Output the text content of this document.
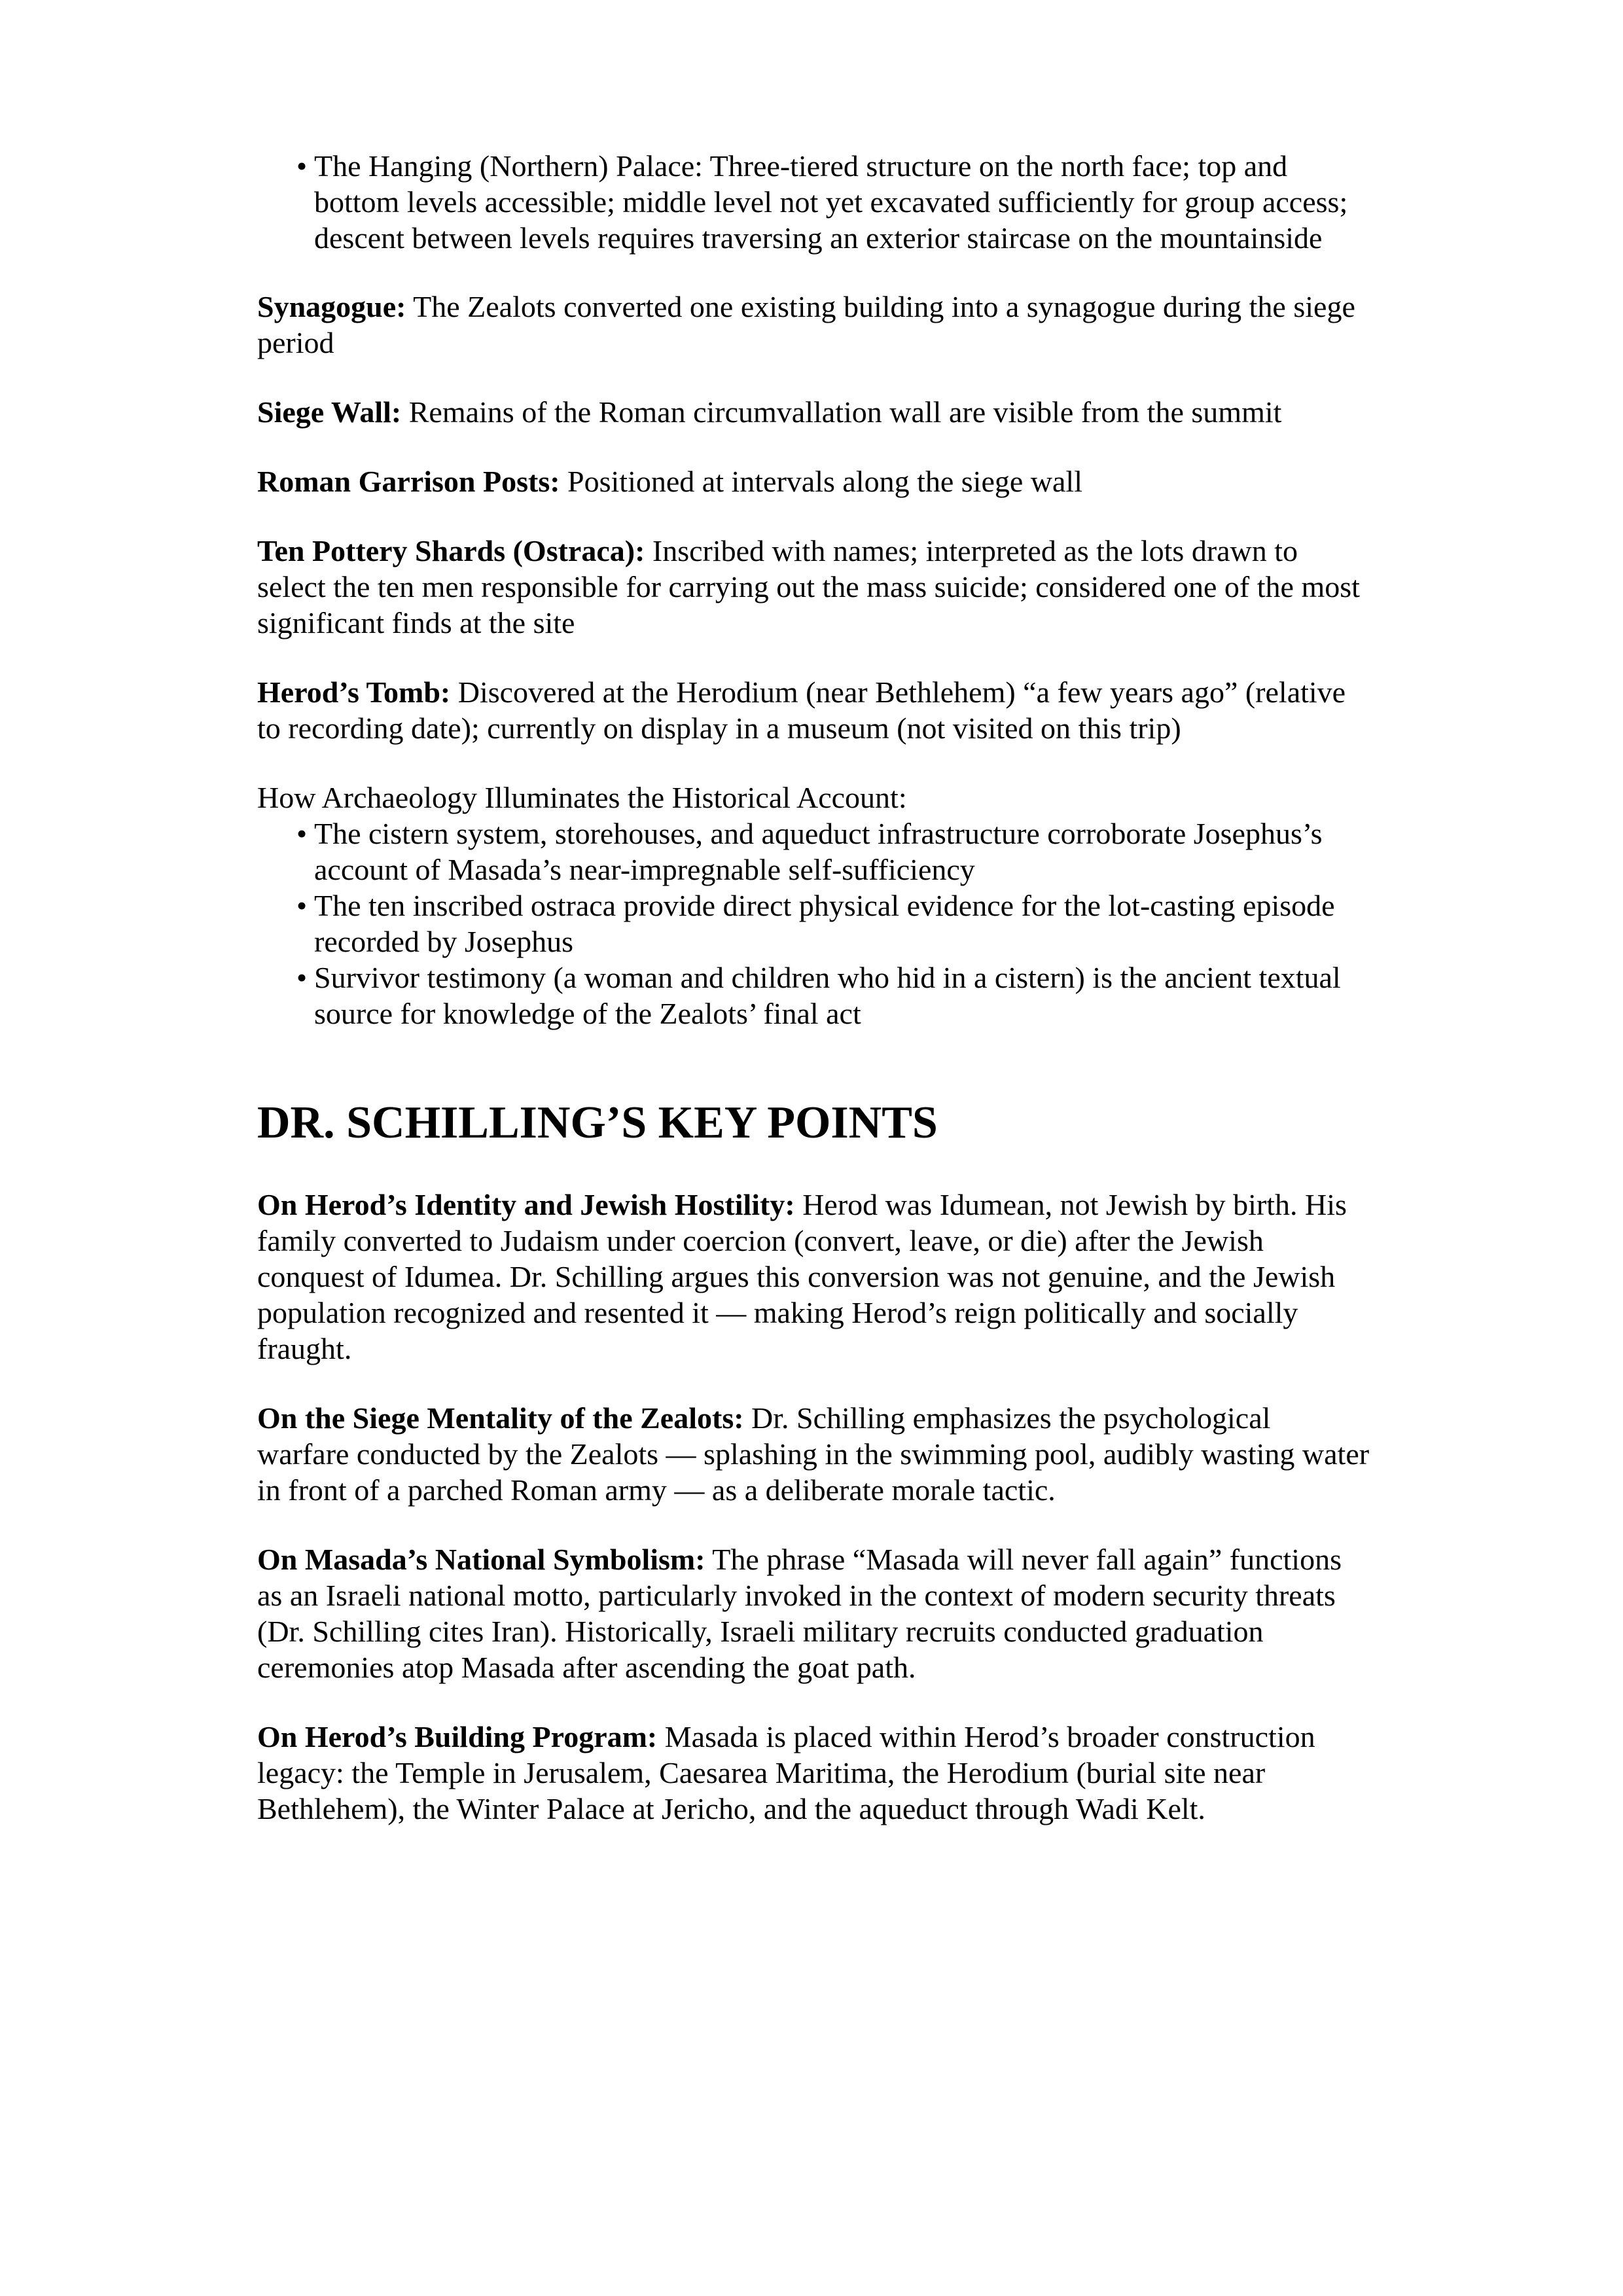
• The Hanging (Northern) Palace: Three-tiered structure on the north face; top and bottom levels accessible; middle level not yet excavated sufficiently for group access; descent between levels requires traversing an exterior staircase on the mountainside

Synagogue: The Zealots converted one existing building into a synagogue during the siege period

Siege Wall: Remains of the Roman circumvallation wall are visible from the summit

Roman Garrison Posts: Positioned at intervals along the siege wall

Ten Pottery Shards (Ostraca): Inscribed with names; interpreted as the lots drawn to select the ten men responsible for carrying out the mass suicide; considered one of the most significant finds at the site

Herod’s Tomb: Discovered at the Herodium (near Bethlehem) “a few years ago” (relative to recording date); currently on display in a museum (not visited on this trip)

How Archaeology Illuminates the Historical Account:

• The cistern system, storehouses, and aqueduct infrastructure corroborate Josephus’s account of Masada’s near-impregnable self-sufficiency
• The ten inscribed ostraca provide direct physical evidence for the lot-casting episode recorded by Josephus
• Survivor testimony (a woman and children who hid in a cistern) is the ancient textual source for knowledge of the Zealots’ final act
DR. SCHILLING’S KEY POINTS

On Herod’s Identity and Jewish Hostility: Herod was Idumean, not Jewish by birth. His family converted to Judaism under coercion (convert, leave, or die) after the Jewish conquest of Idumea. Dr. Schilling argues this conversion was not genuine, and the Jewish population recognized and resented it — making Herod’s reign politically and socially fraught.

On the Siege Mentality of the Zealots: Dr. Schilling emphasizes the psychological warfare conducted by the Zealots — splashing in the swimming pool, audibly wasting water in front of a parched Roman army — as a deliberate morale tactic.

On Masada’s National Symbolism: The phrase “Masada will never fall again” functions as an Israeli national motto, particularly invoked in the context of modern security threats (Dr. Schilling cites Iran). Historically, Israeli military recruits conducted graduation ceremonies atop Masada after ascending the goat path.

On Herod’s Building Program: Masada is placed within Herod’s broader construction legacy: the Temple in Jerusalem, Caesarea Maritima, the Herodium (burial site near Bethlehem), the Winter Palace at Jericho, and the aqueduct through Wadi Kelt.
